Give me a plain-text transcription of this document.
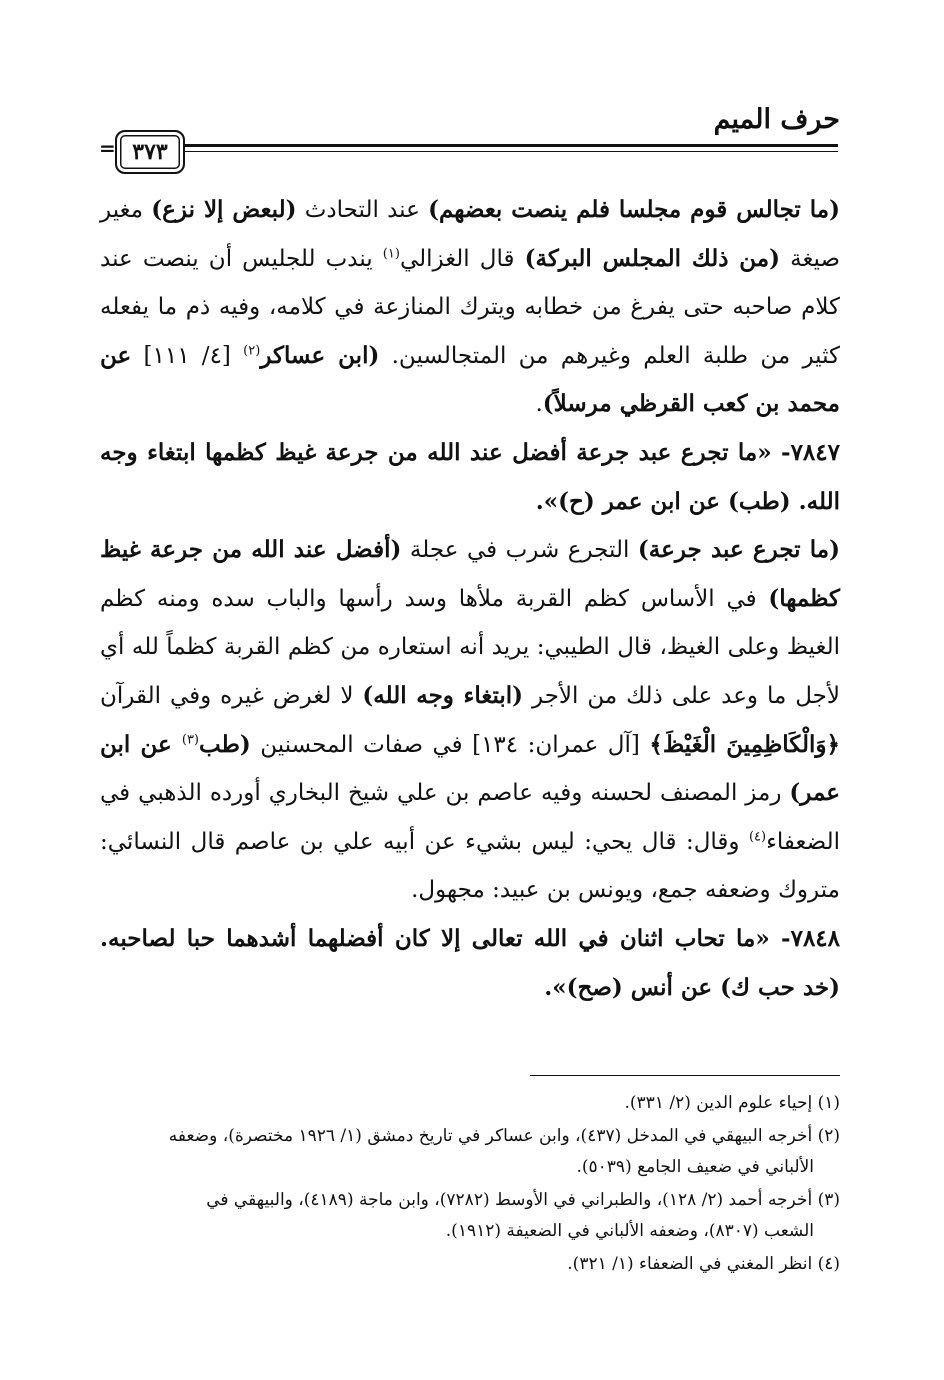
حرف الميم
٣٧٣
=

(ما تجالس قوم مجلسا فلم ينصت بعضهم) عند التحادث (لبعض إلا نزع) مغير صيغة (من ذلك المجلس البركة) قال الغزالي$^{(١)}$ يندب للجليس أن ينصت عند كلام صاحبه حتى يفرغ من خطابه ويترك المنازعة في كلامه، وفيه ذم ما يفعله كثير من طلبة العلم وغيرهم من المتجالسين. (ابن عساكر$^{(٢)}$ [٤/ ١١١] عن محمد بن كعب القرظي مرسلاً).

٧٨٤٧- «ما تجرع عبد جرعة أفضل عند الله من جرعة غيظ كظمها ابتغاء وجه الله. (طب) عن ابن عمر (ح)».

(ما تجرع عبد جرعة) التجرع شرب في عجلة (أفضل عند الله من جرعة غيظ كظمها) في الأساس كظم القربة ملأها وسد رأسها والباب سده ومنه كظم الغيظ وعلى الغيظ، قال الطيبي: يريد أنه استعاره من كظم القربة كظماً لله أي لأجل ما وعد على ذلك من الأجر (ابتغاء وجه الله) لا لغرض غيره وفي القرآن ﴿وَالْكَاظِمِينَ الْغَيْظَ﴾ [آل عمران: ١٣٤] في صفات المحسنين (طب$^{(٣)}$ عن ابن عمر) رمز المصنف لحسنه وفيه عاصم بن علي شيخ البخاري أورده الذهبي في الضعفاء$^{(٤)}$ وقال: قال يحي: ليس بشيء عن أبيه علي بن عاصم قال النسائي: متروك وضعفه جمع، ويونس بن عبيد: مجهول.

٧٨٤٨- «ما تحاب اثنان في الله تعالى إلا كان أفضلهما أشدهما حبا لصاحبه. (خد حب ك) عن أنس (صح)».

(١) إحياء علوم الدين (٢/ ٣٣١).

(٢) أخرجه البيهقي في المدخل (٤٣٧)، وابن عساكر في تاريخ دمشق (١/ ١٩٢٦ مختصرة)، وضعفه
الألباني في ضعيف الجامع (٥٠٣٩).

(٣) أخرجه أحمد (٢/ ١٢٨)، والطبراني في الأوسط (٧٢٨٢)، وابن ماجة (٤١٨٩)، والبيهقي في
الشعب (٨٣٠٧)، وضعفه الألباني في الضعيفة (١٩١٢).

(٤) انظر المغني في الضعفاء (١/ ٣٢١).
